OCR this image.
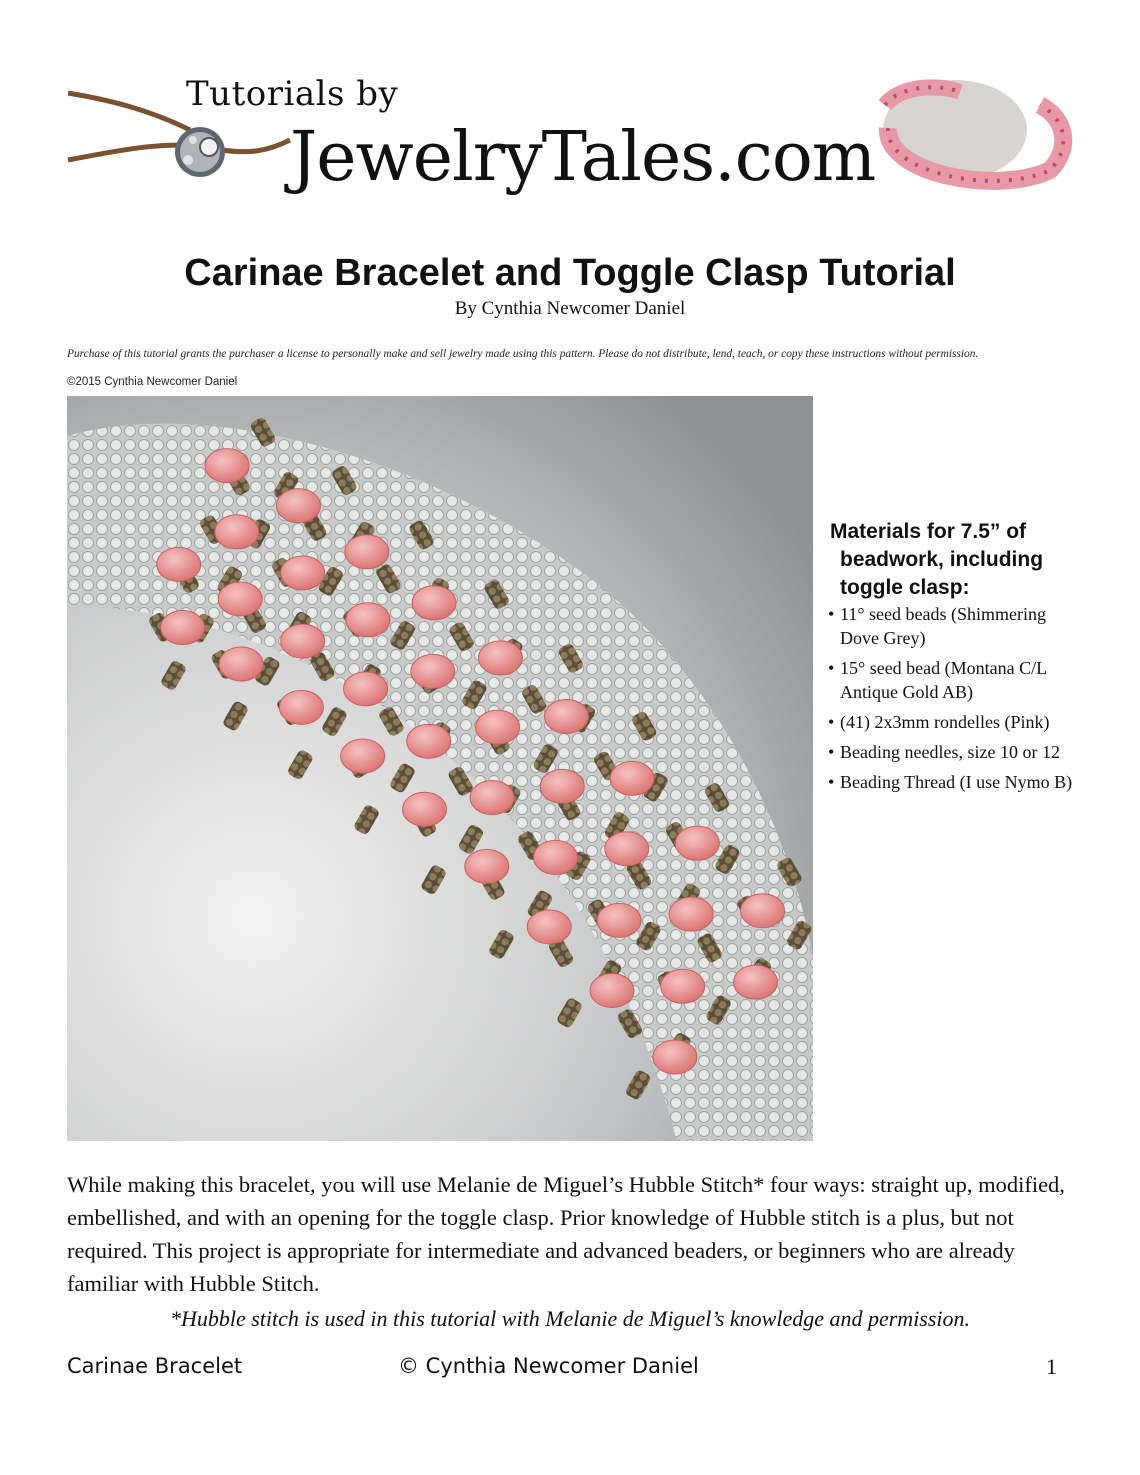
Tutorials by
JewelryTales.com
Carinae Bracelet and Toggle Clasp Tutorial
By Cynthia Newcomer Daniel
Purchase of this tutorial grants the purchaser a license to personally make and sell jewelry made using this pattern. Please do not distribute, lend, teach, or copy these instructions without permission.
©2015 Cynthia Newcomer Daniel
Materials for 7.5” of
beadwork, including
toggle clasp:
• 11° seed beads (Shimmering Dove Grey)
• 15° seed bead (Montana C/L Antique Gold AB)
• (41) 2x3mm rondelles (Pink)
• Beading needles, size 10 or 12
• Beading Thread (I use Nymo B)
While making this bracelet, you will use Melanie de Miguel’s Hubble Stitch* four ways: straight up, modified, embellished, and with an opening for the toggle clasp. Prior knowledge of Hubble stitch is a plus, but not required. This project is appropriate for intermediate and advanced beaders, or beginners who are already familiar with Hubble Stitch.
*Hubble stitch is used in this tutorial with Melanie de Miguel’s knowledge and permission.
Carinae Bracelet	© Cynthia Newcomer Daniel	1
